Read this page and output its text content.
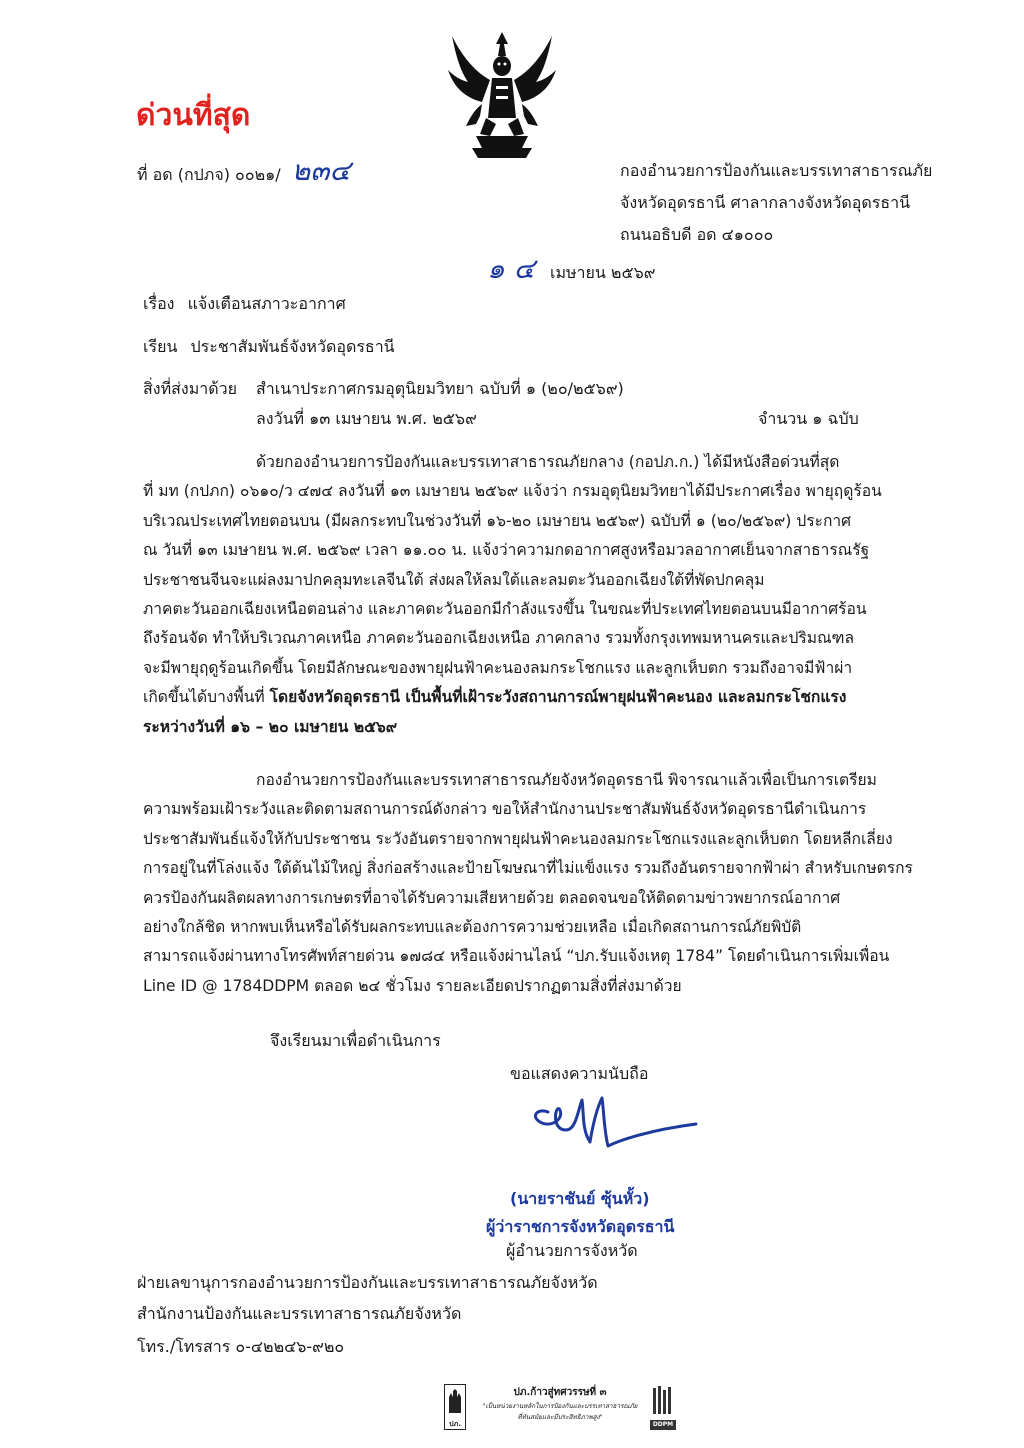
ด่วนที่สุด
ที่ อด (กปภจ) ๐๐๒๑/ ๒๓๔	กองอำนวยการป้องกันและบรรเทาสาธารณภัย
จังหวัดอุดรธานี ศาลากลางจังหวัดอุดรธานี
ถนนอธิบดี อด ๔๑๐๐๐
๑ ๔ เมษายน ๒๕๖๙
เรื่อง แจ้งเตือนสภาวะอากาศ
เรียน ประชาสัมพันธ์จังหวัดอุดรธานี
สิ่งที่ส่งมาด้วย สำเนาประกาศกรมอุตุนิยมวิทยา ฉบับที่ ๑ (๒๐/๒๕๖๙)
ลงวันที่ ๑๓ เมษายน พ.ศ. ๒๕๖๙	จำนวน ๑ ฉบับ
ด้วยกองอำนวยการป้องกันและบรรเทาสาธารณภัยกลาง (กอปภ.ก.) ได้มีหนังสือด่วนที่สุด
ที่ มท (กปภก) ๐๖๑๐/ว ๔๗๔ ลงวันที่ ๑๓ เมษายน ๒๕๖๙ แจ้งว่า กรมอุตุนิยมวิทยาได้มีประกาศเรื่อง พายุฤดูร้อน
บริเวณประเทศไทยตอนบน (มีผลกระทบในช่วงวันที่ ๑๖-๒๐ เมษายน ๒๕๖๙) ฉบับที่ ๑ (๒๐/๒๕๖๙) ประกาศ
ณ วันที่ ๑๓ เมษายน พ.ศ. ๒๕๖๙ เวลา ๑๑.๐๐ น. แจ้งว่าความกดอากาศสูงหรือมวลอากาศเย็นจากสาธารณรัฐ
ประชาชนจีนจะแผ่ลงมาปกคลุมทะเลจีนใต้ ส่งผลให้ลมใต้และลมตะวันออกเฉียงใต้ที่พัดปกคลุม
ภาคตะวันออกเฉียงเหนือตอนล่าง และภาคตะวันออกมีกำลังแรงขึ้น ในขณะที่ประเทศไทยตอนบนมีอากาศร้อน
ถึงร้อนจัด ทำให้บริเวณภาคเหนือ ภาคตะวันออกเฉียงเหนือ ภาคกลาง รวมทั้งกรุงเทพมหานครและปริมณฑล
จะมีพายุฤดูร้อนเกิดขึ้น โดยมีลักษณะของพายุฝนฟ้าคะนองลมกระโชกแรง และลูกเห็บตก รวมถึงอาจมีฟ้าผ่า
เกิดขึ้นได้บางพื้นที่ โดยจังหวัดอุดรธานี เป็นพื้นที่เฝ้าระวังสถานการณ์พายุฝนฟ้าคะนอง และลมกระโชกแรง
ระหว่างวันที่ ๑๖ – ๒๐ เมษายน ๒๕๖๙
กองอำนวยการป้องกันและบรรเทาสาธารณภัยจังหวัดอุดรธานี พิจารณาแล้วเพื่อเป็นการเตรียม
ความพร้อมเฝ้าระวังและติดตามสถานการณ์ดังกล่าว ขอให้สำนักงานประชาสัมพันธ์จังหวัดอุดรธานีดำเนินการ
ประชาสัมพันธ์แจ้งให้กับประชาชน ระวังอันตรายจากพายุฝนฟ้าคะนองลมกระโชกแรงและลูกเห็บตก โดยหลีกเลี่ยง
การอยู่ในที่โล่งแจ้ง ใต้ต้นไม้ใหญ่ สิ่งก่อสร้างและป้ายโฆษณาที่ไม่แข็งแรง รวมถึงอันตรายจากฟ้าผ่า สำหรับเกษตรกร
ควรป้องกันผลิตผลทางการเกษตรที่อาจได้รับความเสียหายด้วย ตลอดจนขอให้ติดตามข่าวพยากรณ์อากาศ
อย่างใกล้ชิด หากพบเห็นหรือได้รับผลกระทบและต้องการความช่วยเหลือ เมื่อเกิดสถานการณ์ภัยพิบัติ
สามารถแจ้งผ่านทางโทรศัพท์สายด่วน ๑๗๘๔ หรือแจ้งผ่านไลน์ “ปภ.รับแจ้งเหตุ 1784” โดยดำเนินการเพิ่มเพื่อน
Line ID @ 1784DDPM ตลอด ๒๔ ชั่วโมง รายละเอียดปรากฏตามสิ่งที่ส่งมาด้วย
จึงเรียนมาเพื่อดำเนินการ
ขอแสดงความนับถือ
(นายราชันย์ ซุ้นหั้ว)
ผู้ว่าราชการจังหวัดอุดรธานี
ผู้อำนวยการจังหวัด
ฝ่ายเลขานุการกองอำนวยการป้องกันและบรรเทาสาธารณภัยจังหวัด
สำนักงานป้องกันและบรรเทาสาธารณภัยจังหวัด
โทร./โทรสาร ๐-๔๒๒๔๖-๙๒๐
ปภ.
ปภ.ก้าวสู่ทศวรรษที่ ๓
"เป็นหน่วยงานหลักในการป้องกันและบรรเทาสาธารณภัย
ที่ทันสมัยและมีประสิทธิภาพสูง"
DDPM
